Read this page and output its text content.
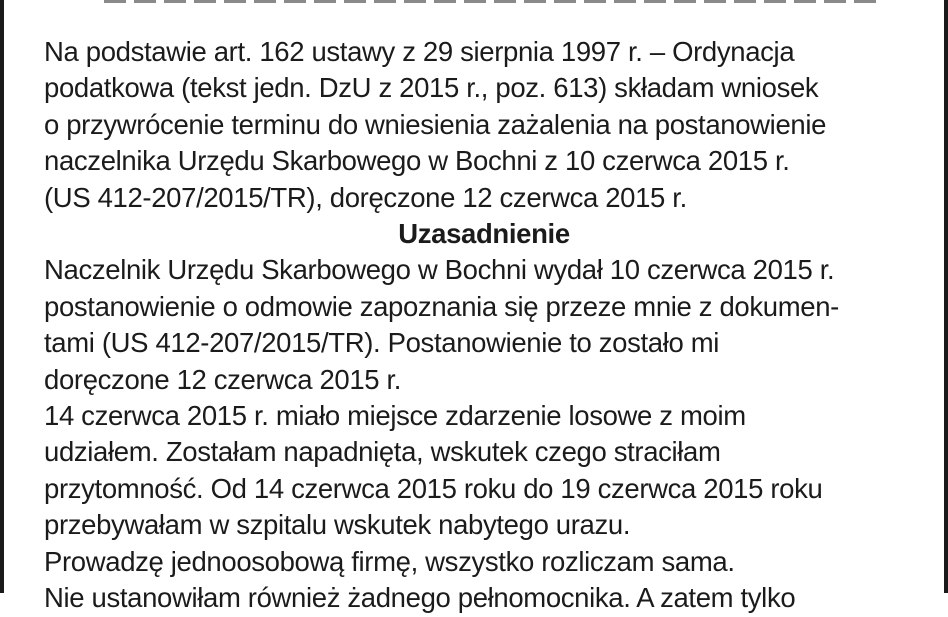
Na podstawie art. 162 ustawy z 29 sierpnia 1997 r. – Ordynacja
podatkowa (tekst jedn. DzU z 2015 r., poz. 613) składam wniosek
o przywrócenie terminu do wniesienia zażalenia na postanowienie
naczelnika Urzędu Skarbowego w Bochni z 10 czerwca 2015 r.
(US 412-207/2015/TR), doręczone 12 czerwca 2015 r.
Uzasadnienie
Naczelnik Urzędu Skarbowego w Bochni wydał 10 czerwca 2015 r.
postanowienie o odmowie zapoznania się przeze mnie z dokumen-
tami (US 412-207/2015/TR). Postanowienie to zostało mi
doręczone 12 czerwca 2015 r.
14 czerwca 2015 r. miało miejsce zdarzenie losowe z moim
udziałem. Zostałam napadnięta, wskutek czego straciłam
przytomność. Od 14 czerwca 2015 roku do 19 czerwca 2015 roku
przebywałam w szpitalu wskutek nabytego urazu.
Prowadzę jednoosobową firmę, wszystko rozliczam sama.
Nie ustanowiłam również żadnego pełnomocnika. A zatem tylko
